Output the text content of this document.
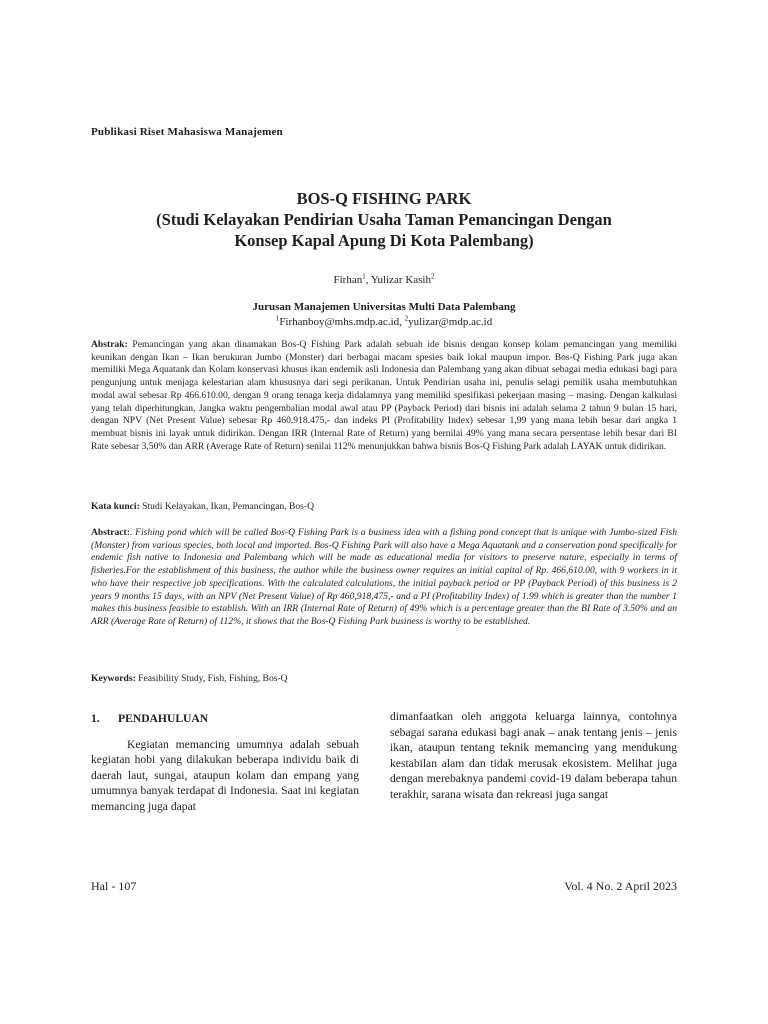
Publikasi Riset Mahasiswa Manajemen
BOS-Q FISHING PARK
(Studi Kelayakan Pendirian Usaha Taman Pemancingan Dengan
Konsep Kapal Apung Di Kota Palembang)
Firhan$^1$, Yulizar Kasih$^2$
Jurusan Manajemen Universitas Multi Data Palembang
$^1$Firhanboy@mhs.mdp.ac.id, $^2$yulizar@mdp.ac.id
Abstrak: Pemancingan yang akan dinamakan Bos-Q Fishing Park adalah sebuah ide bisnis dengan konsep kolam pemancingan yang memiliki keunikan dengan Ikan – Ikan berukuran Jumbo (Monster) dari berbagai macam spesies baik lokal maupun impor. Bos-Q Fishing Park juga akan memiliki Mega Aquatank dan Kolam konservasi khusus ikan endemik asli Indonesia dan Palembang yang akan dibuat sebagai media edukasi bagi para pengunjung untuk menjaga kelestarian alam khususnya dari segi perikanan. Untuk Pendirian usaha ini, penulis selagi pemilik usaha membutuhkan modal awal sebesar Rp 466.610.00, dengan 9 orang tenaga kerja didalamnya yang memiliki spesifikasi pekerjaan masing – masing. Dengan kalkulasi yang telah diperhitungkan, Jangka waktu pengembalian modal awal atau PP (Payback Period) dari bisnis ini adalah selama 2 tahun 9 bulan 15 hari, dengan NPV (Net Present Value) sebesar Rp 460.918.475,- dan indeks PI (Profitability Index) sebesar 1,99 yang mana lebih besar dari angka 1 membuat bisnis ini layak untuk didirikan. Dengan IRR (Internal Rate of Return) yang bernilai 49% yang mana secara persentase lebih besar dari BI Rate sebesar 3,50% dan ARR (Average Rate of Return) senilai 112% menunjukkan bahwa bisnis Bos-Q Fishing Park adalah LAYAK untuk didirikan.
Kata kunci: Studi Kelayakan, Ikan, Pemancingan, Bos-Q
Abstract:. Fishing pond which will be called Bos-Q Fishing Park is a business idea with a fishing pond concept that is unique with Jumbo-sized Fish (Monster) from various species, both local and imported. Bos-Q Fishing Park will also have a Mega Aquatank and a conservation pond specifically for endemic fish native to Indonesia and Palembang which will be made as educational media for visitors to preserve nature, especially in terms of fisheries.For the establishment of this business, the author while the business owner requires an initial capital of Rp. 466,610.00, with 9 workers in it who have their respective job specifications. With the calculated calculations, the initial payback period or PP (Payback Period) of this business is 2 years 9 months 15 days, with an NPV (Net Present Value) of Rp 460,918,475,- and a PI (Profitability Index) of 1.99 which is greater than the number 1 makes this business feasible to establish. With an IRR (Internal Rate of Return) of 49% which is a percentage greater than the BI Rate of 3.50% and an ARR (Average Rate of Return) of 112%, it shows that the Bos-Q Fishing Park business is worthy to be established.
Keywords: Feasibility Study, Fish, Fishing, Bos-Q
1. PENDAHULUAN
Kegiatan memancing umumnya adalah sebuah kegiatan hobi yang dilakukan beberapa individu baik di daerah laut, sungai, ataupun kolam dan empang yang umumnya banyak terdapat di Indonesia. Saat ini kegiatan memancing juga dapat
dimanfaatkan oleh anggota keluarga lainnya, contohnya sebagai sarana edukasi bagi anak – anak tentang jenis – jenis ikan, ataupun tentang teknik memancing yang mendukung kestabilan alam dan tidak merusak ekosistem. Melihat juga dengan merebaknya pandemi covid-19 dalam beberapa tahun terakhir, sarana wisata dan rekreasi juga sangat
Hal - 107	Vol. 4 No. 2 April 2023
